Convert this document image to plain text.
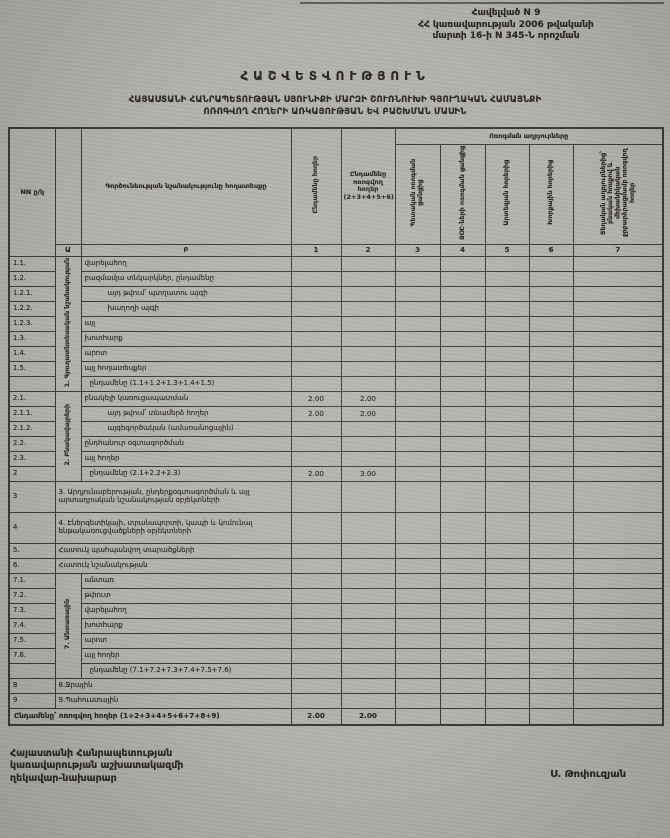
Հավելված N 9
ՀՀ կառավարության 2006 թվականի
մարտի 16-ի N 345-Ն որոշման
ՀԱՇՎԵՏՎՈՒԹՅՈՒՆ
ՀԱՅԱՍՏԱՆԻ ՀԱՆՐԱՊԵՏՈՒԹՅԱՆ ՍՅՈՒՆԻՔԻ ՄԱՐԶԻ ՇՈՒՌՆՈՒԽԻ ԳՅՈՒՂԱԿԱՆ ՀԱՄԱՅՆՔԻ
ՈՌՈԳՎՈՂ ՀՈՂԵՐԻ ԱՌԿԱՅՈՒԹՅԱՆ ԵՎ ԲԱՇԽՄԱՆ ՄԱՍԻՆ
NN ը/կ		Գործունեության նշանակությունը հողատեսքը	Ընդամենը հողեր	Ընդամենը ոռոգվող հողեր (2+3+4+5+6)	Ոռոգման աղբյուրները				
					Պետական ոռոգման ցանցից	ՋՕԸ-ների ոռոգման ցանցից	Արտեզյան հորերից	Խորքային հորերից	Տեղական աղբյուրներից՝ բնական հոսքով և մեխանիկական ջրբարձրացմամբ ոռոգվող հողեր
	Ա	Բ	1	2	3	4	5	6	7
1.1.	1. Գյուղատնտեսական նշանակության	վարելահող							
1.2.		բազմամյա տնկարկներ, ընդամենը							
1.2.1.		այդ թվում՝ պտղատու այգի							
1.2.2.		խաղողի այգի							
1.2.3.		այլ							
1.3.		խոտհարք							
1.4.		արոտ							
1.5.		այլ հողատեսքեր							
		ընդամենը (1.1+1.2+1.3+1.4+1.5)							
2.1.	2. Բնակավայրերի	բնակելի կառուցապատման	2.00	2.00					
2.1.1.		այդ թվում՝ տնամերձ հողեր	2.00	2.00					
2.1.2.		այգեգործական (ամառանոցային)							
2.2.		ընդհանուր օգտագործման							
2.3.		այլ հողեր							
2		ընդամենը (2.1+2.2+2.3)	2.00	3.00					
3	3. Արդյունաբերության, ընդերքօգտագործման և այլ արտադրական նշանակության օբյեկտների								
4	4. Էներգետիկայի, տրանսպորտի, կապի և կոմունալ ենթակառուցվածքների օբյեկտների								
5.	Հատուկ պահպանվող տարածքների								
6.	Հատուկ նշանակության								
7.1.	7. Անտառային	անտառ							
7.2.		թփուտ							
7.3.		վարելահող							
7.4.		խոտհարք							
7.5.		արոտ							
7.6.		այլ հողեր							
		ընդամենը (7.1+7.2+7.3+7.4+7.5+7.6)							
8	8.Ջրային								
9	9.Պահուստային								
Ընդամենը՝ ոռոգվող հողեր (1+2+3+4+5+6+7+8+9)			2.00	2.00					
Հայաստանի Հանրապետության
կառավարության աշխատակազմի
ղեկավար-նախարար	Ս. Թոփուզյան
